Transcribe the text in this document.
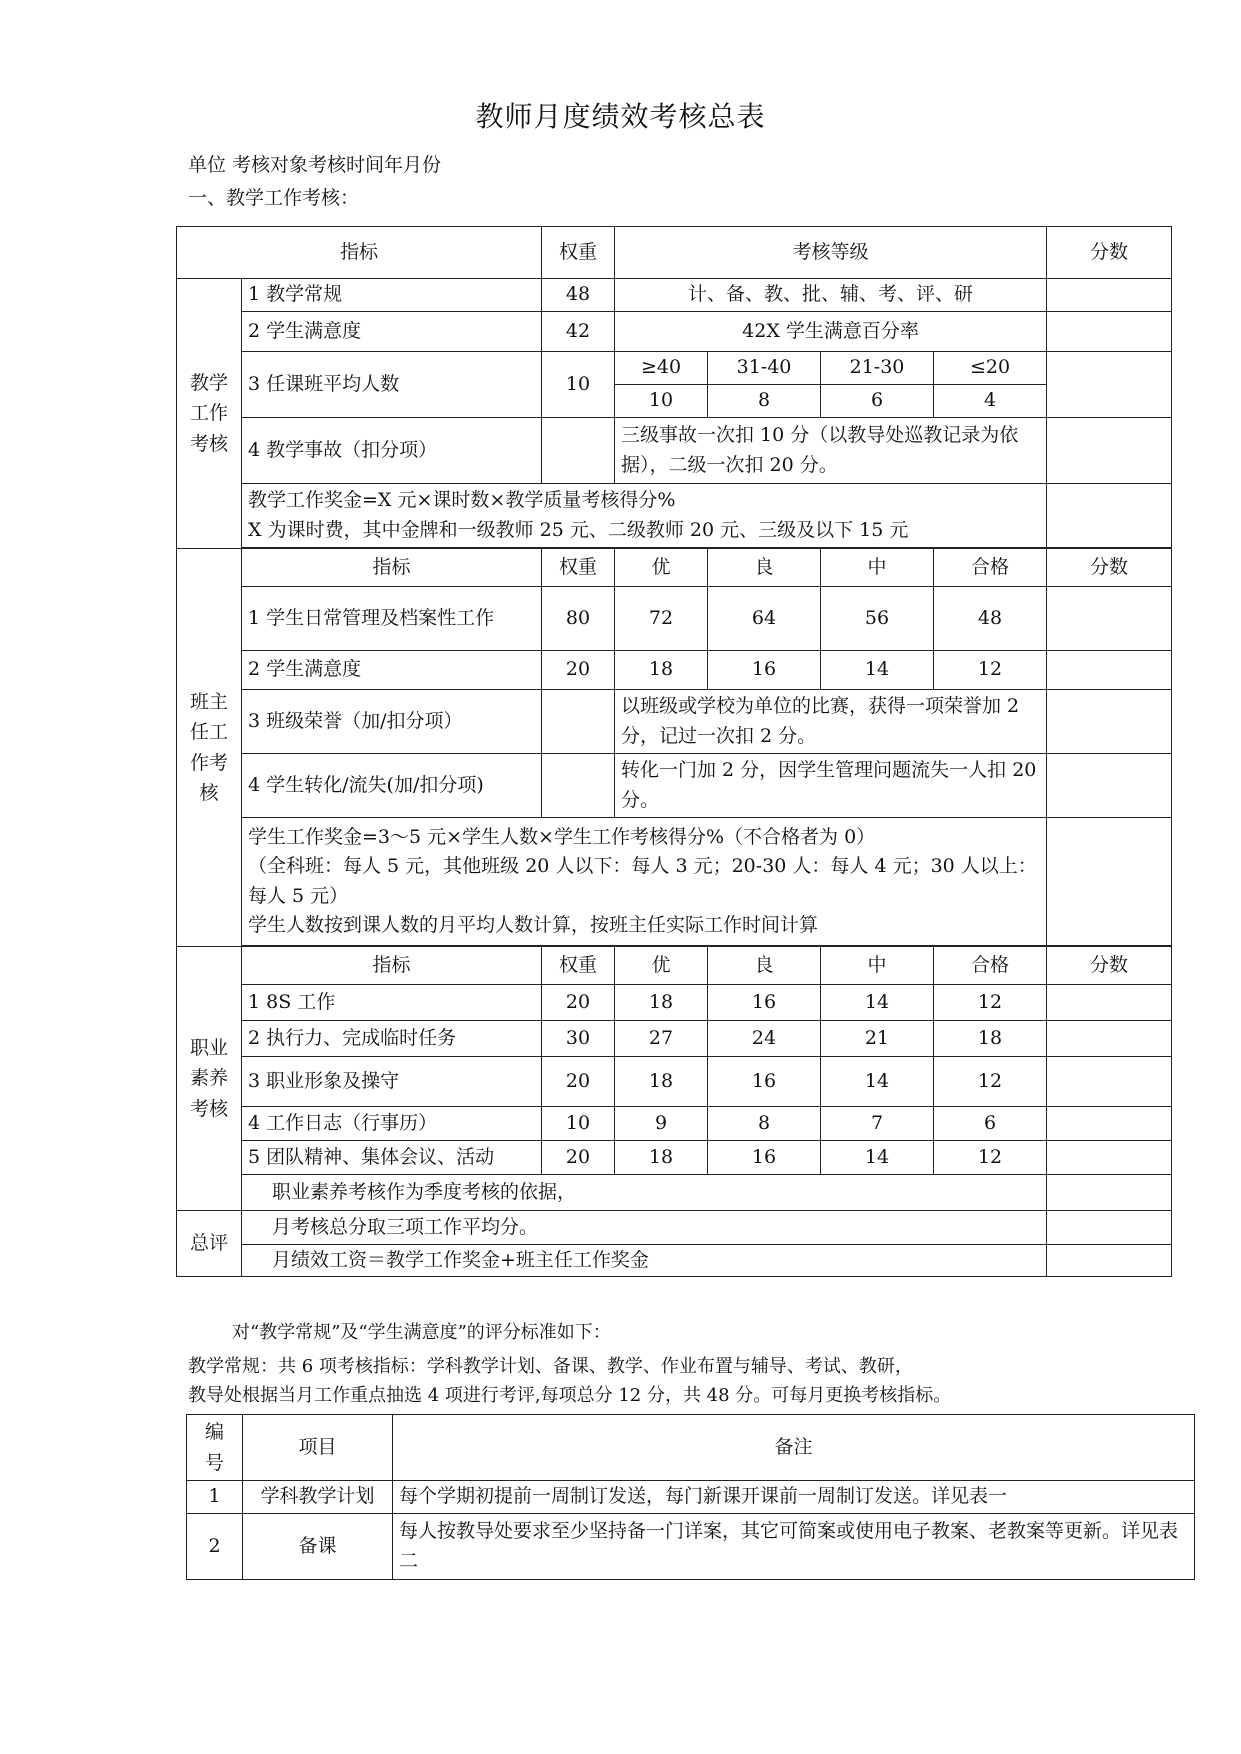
教师月度绩效考核总表
单位 考核对象考核时间年月份
一、教学工作考核：
指标		权重	考核等级				分数
教学
工作
考核	1 教学常规	48	计、备、教、批、辅、考、评、研				
	2 学生满意度	42	42X 学生满意百分率				
	3 任课班平均人数	10	≥40	31-40	21-30	≤20	
			10	8	6	4	
	4 教学事故（扣分项）		三级事故一次扣 10 分（以教导处巡教记录为依据），二级一次扣 20 分。				

	教学工作奖金=X 元×课时数×教学质量考核得分%
X 为课时费，其中金牌和一级教师 25 元、二级教师 20 元、三级及以下 15 元						

班主
任工
作考
核	指标	权重	优	良	中	合格	分数
	1 学生日常管理及档案性工作	80	72	64	56	48	
	2 学生满意度	20	18	16	14	12	
	3 班级荣誉（加/扣分项）		以班级或学校为单位的比赛，获得一项荣誉加 2 分，记过一次扣 2 分。				
	4 学生转化/流失(加/扣分项)		转化一门加 2 分，因学生管理问题流失一人扣 20 分。				

	学生工作奖金=3～5 元×学生人数×学生工作考核得分%（不合格者为 0）
（全科班：每人 5 元，其他班级 20 人以下：每人 3 元；20-30 人：每人 4 元；30 人以上：每人 5 元）
学生人数按到课人数的月平均人数计算，按班主任实际工作时间计算						

职业
素养
考核	指标	权重	优	良	中	合格	分数
	1 8S 工作	20	18	16	14	12	
	2 执行力、完成临时任务	30	27	24	21	18	
	3 职业形象及操守	20	18	16	14	12	
	4 工作日志（行事历）	10	9	8	7	6	
	5 团队精神、集体会议、活动	20	18	16	14	12	
	职业素养考核作为季度考核的依据，						
总评	月考核总分取三项工作平均分。						
	月绩效工资＝教学工作奖金+班主任工作奖金						
对“教学常规”及“学生满意度”的评分标准如下：
教学常规：共 6 项考核指标：学科教学计划、备课、教学、作业布置与辅导、考试、教研，
教导处根据当月工作重点抽选 4 项进行考评,每项总分 12 分，共 48 分。可每月更换考核指标。
编
号	项目	备注
1	学科教学计划	每个学期初提前一周制订发送，每门新课开课前一周制订发送。详见表一
2	备课	每人按教导处要求至少坚持备一门详案，其它可简案或使用电子教案、老教案等更新。详见表二
